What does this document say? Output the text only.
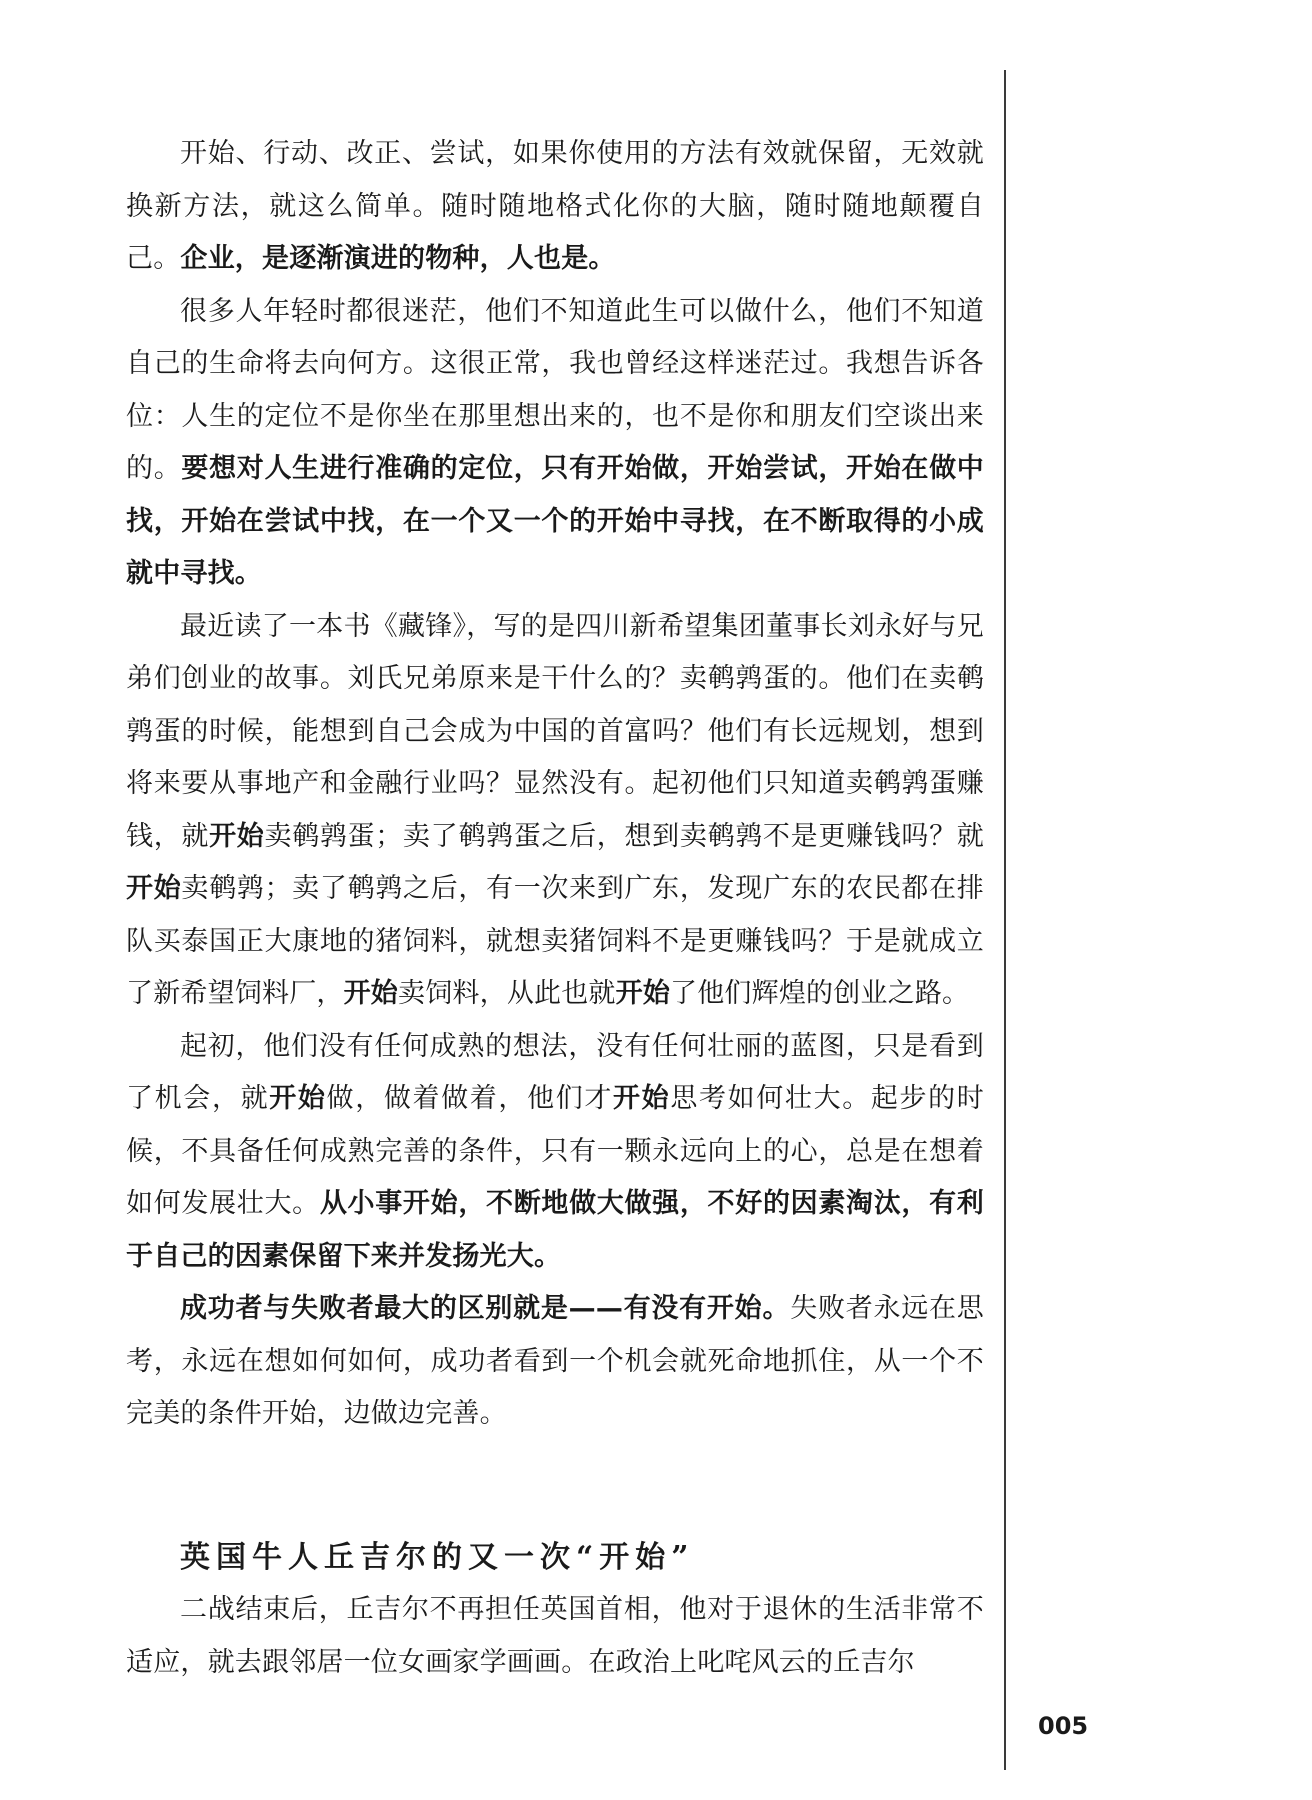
开始、行动、改正、尝试，如果你使用的方法有效就保留，无效就换新方法，就这么简单。随时随地格式化你的大脑，随时随地颠覆自己。企业，是逐渐演进的物种，人也是。

很多人年轻时都很迷茫，他们不知道此生可以做什么，他们不知道自己的生命将去向何方。这很正常，我也曾经这样迷茫过。我想告诉各位：人生的定位不是你坐在那里想出来的，也不是你和朋友们空谈出来的。要想对人生进行准确的定位，只有开始做，开始尝试，开始在做中找，开始在尝试中找，在一个又一个的开始中寻找，在不断取得的小成就中寻找。

最近读了一本书《藏锋》，写的是四川新希望集团董事长刘永好与兄弟们创业的故事。刘氏兄弟原来是干什么的？卖鹌鹑蛋的。他们在卖鹌鹑蛋的时候，能想到自己会成为中国的首富吗？他们有长远规划，想到将来要从事地产和金融行业吗？显然没有。起初他们只知道卖鹌鹑蛋赚钱，就开始卖鹌鹑蛋；卖了鹌鹑蛋之后，想到卖鹌鹑不是更赚钱吗？就开始卖鹌鹑；卖了鹌鹑之后，有一次来到广东，发现广东的农民都在排队买泰国正大康地的猪饲料，就想卖猪饲料不是更赚钱吗？于是就成立了新希望饲料厂，开始卖饲料，从此也就开始了他们辉煌的创业之路。

起初，他们没有任何成熟的想法，没有任何壮丽的蓝图，只是看到了机会，就开始做，做着做着，他们才开始思考如何壮大。起步的时候，不具备任何成熟完善的条件，只有一颗永远向上的心，总是在想着如何发展壮大。从小事开始，不断地做大做强，不好的因素淘汰，有利于自己的因素保留下来并发扬光大。

成功者与失败者最大的区别就是——有没有开始。失败者永远在思考，永远在想如何如何，成功者看到一个机会就死命地抓住，从一个不完美的条件开始，边做边完善。

英国牛人丘吉尔的又一次“开始”

二战结束后，丘吉尔不再担任英国首相，他对于退休的生活非常不适应，就去跟邻居一位女画家学画画。在政治上叱咤风云的丘吉尔

005
